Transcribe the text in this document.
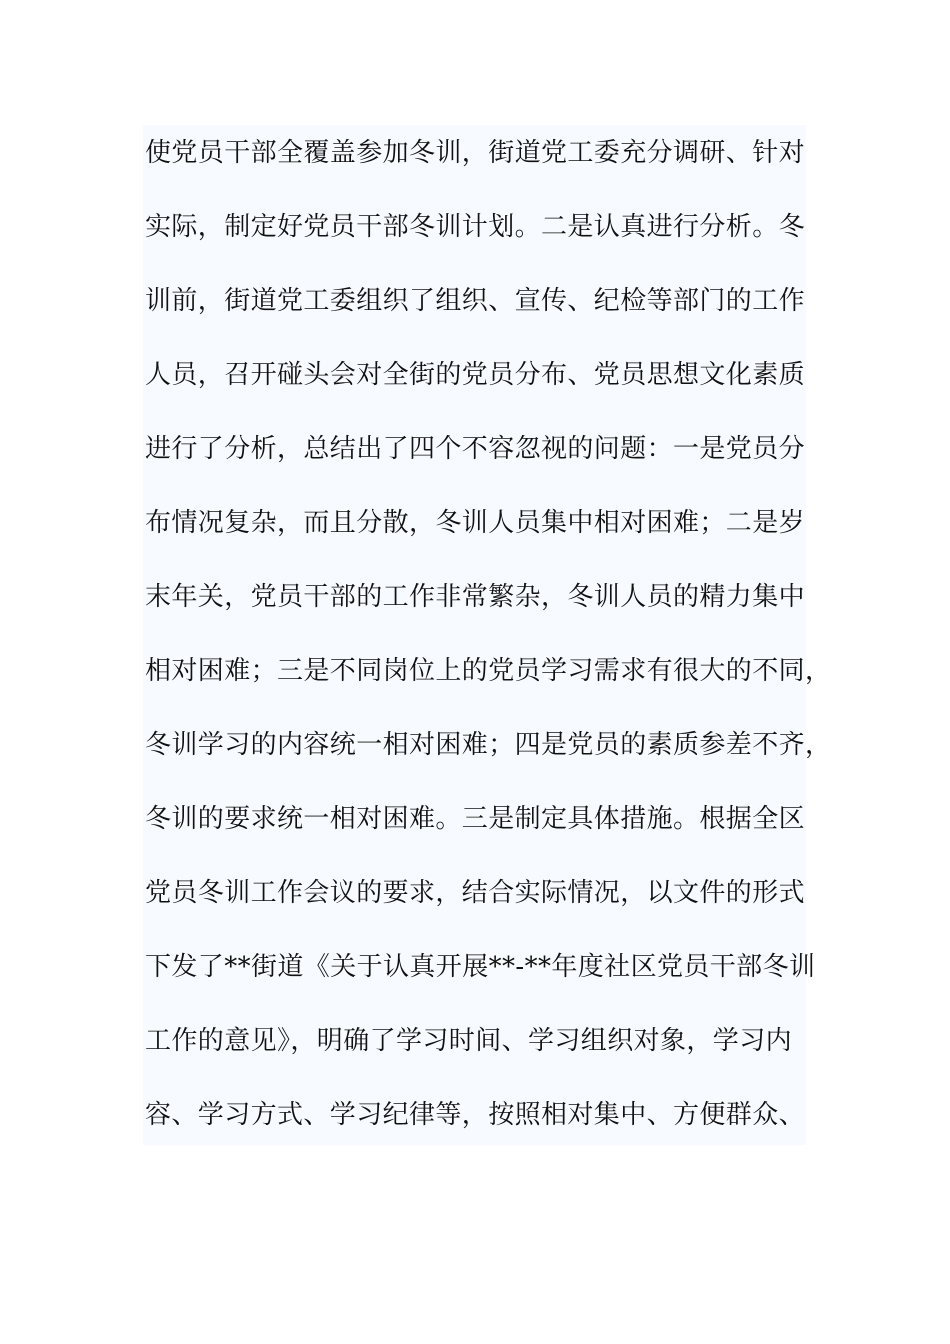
使党员干部全覆盖参加冬训，街道党工委充分调研、针对
实际，制定好党员干部冬训计划。二是认真进行分析。冬
训前，街道党工委组织了组织、宣传、纪检等部门的工作
人员，召开碰头会对全街的党员分布、党员思想文化素质
进行了分析，总结出了四个不容忽视的问题：一是党员分
布情况复杂，而且分散，冬训人员集中相对困难；二是岁
末年关，党员干部的工作非常繁杂，冬训人员的精力集中
相对困难；三是不同岗位上的党员学习需求有很大的不同，
冬训学习的内容统一相对困难；四是党员的素质参差不齐，
冬训的要求统一相对困难。三是制定具体措施。根据全区
党员冬训工作会议的要求，结合实际情况，以文件的形式
下发了**街道《关于认真开展**-**年度社区党员干部冬训
工作的意见》，明确了学习时间、学习组织对象，学习内
容、学习方式、学习纪律等，按照相对集中、方便群众、
